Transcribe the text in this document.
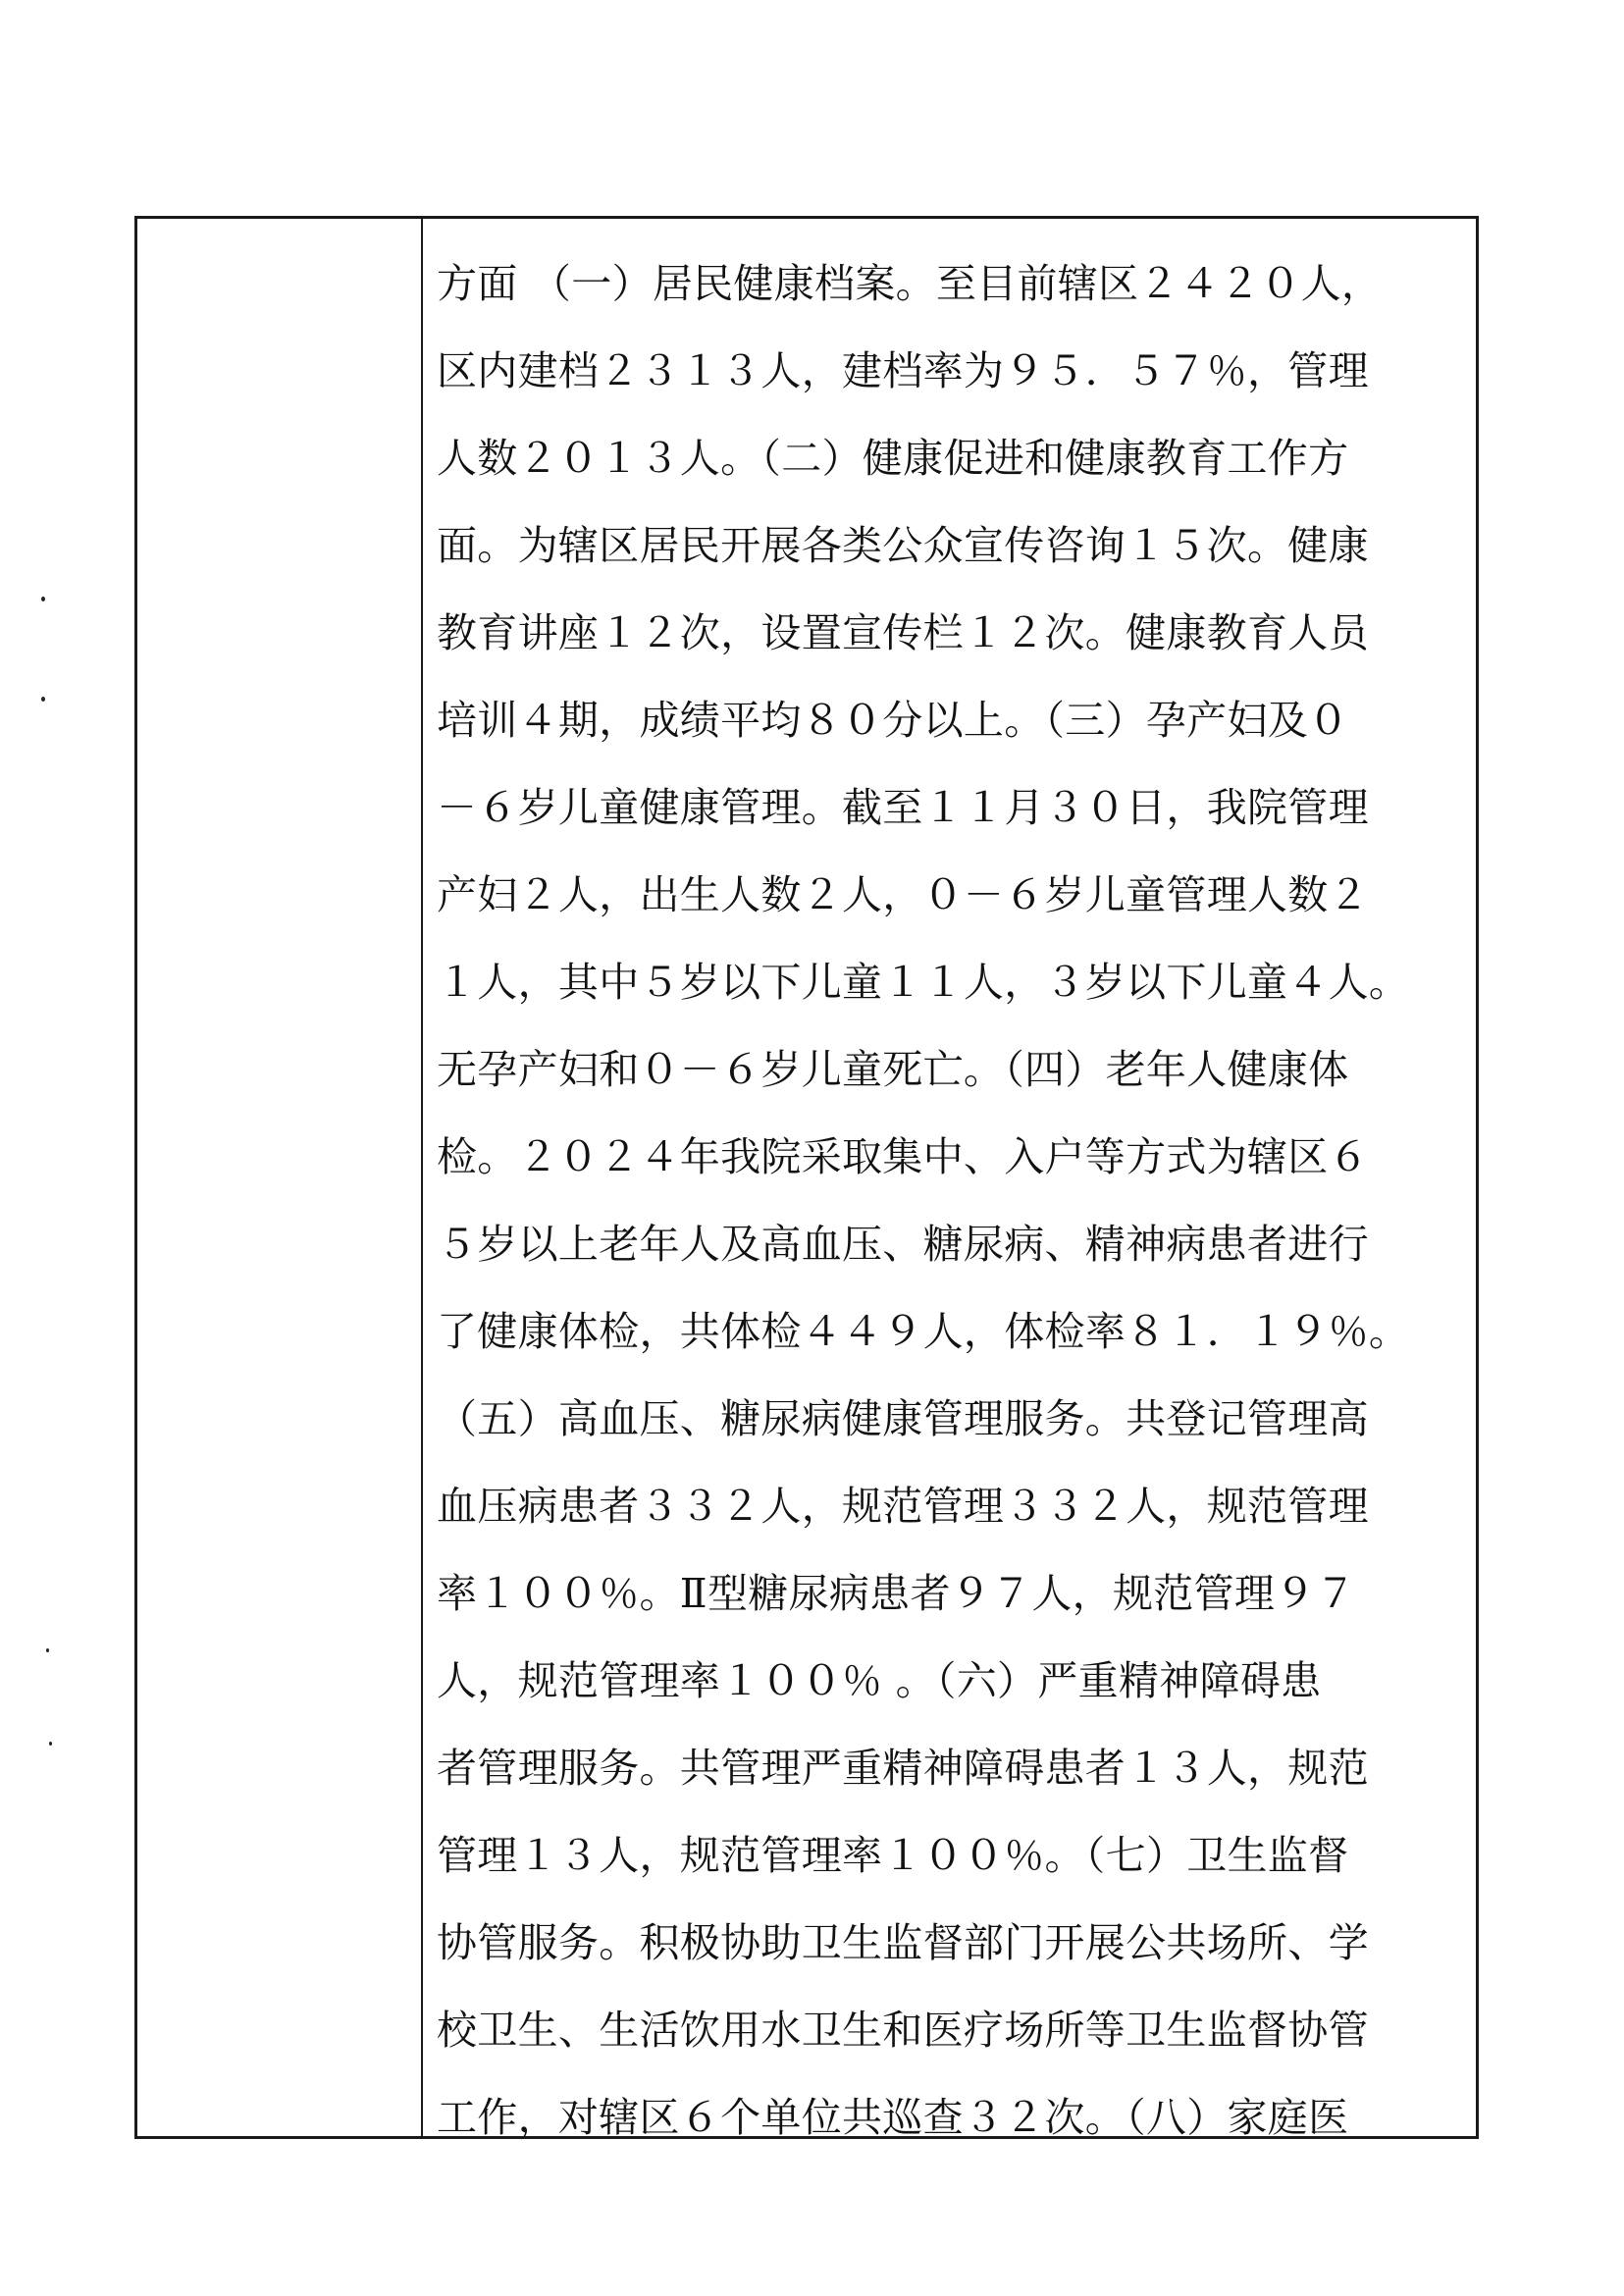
方面 （一）居民健康档案。至目前辖区２４２０人，
区内建档２３１３人，建档率为９５．５７％，管理
人数２０１３人。（二）健康促进和健康教育工作方
面。为辖区居民开展各类公众宣传咨询１５次。健康
教育讲座１２次，设置宣传栏１２次。健康教育人员
培训４期，成绩平均８０分以上。（三）孕产妇及０
－６岁儿童健康管理。截至１１月３０日，我院管理
产妇２人，出生人数２人，０－６岁儿童管理人数２
１人，其中５岁以下儿童１１人，３岁以下儿童４人。
无孕产妇和０－６岁儿童死亡。（四）老年人健康体
检。２０２４年我院采取集中、入户等方式为辖区６
５岁以上老年人及高血压、糖尿病、精神病患者进行
了健康体检，共体检４４９人，体检率８１．１９％。
（五）高血压、糖尿病健康管理服务。共登记管理高
血压病患者３３２人，规范管理３３２人，规范管理
率１００％。Ⅱ型糖尿病患者９７人，规范管理９７
人，规范管理率１００％ 。（六）严重精神障碍患
者管理服务。共管理严重精神障碍患者１３人，规范
管理１３人，规范管理率１００％。（七）卫生监督
协管服务。积极协助卫生监督部门开展公共场所、学
校卫生、生活饮用水卫生和医疗场所等卫生监督协管
工作，对辖区６个单位共巡查３２次。（八）家庭医
